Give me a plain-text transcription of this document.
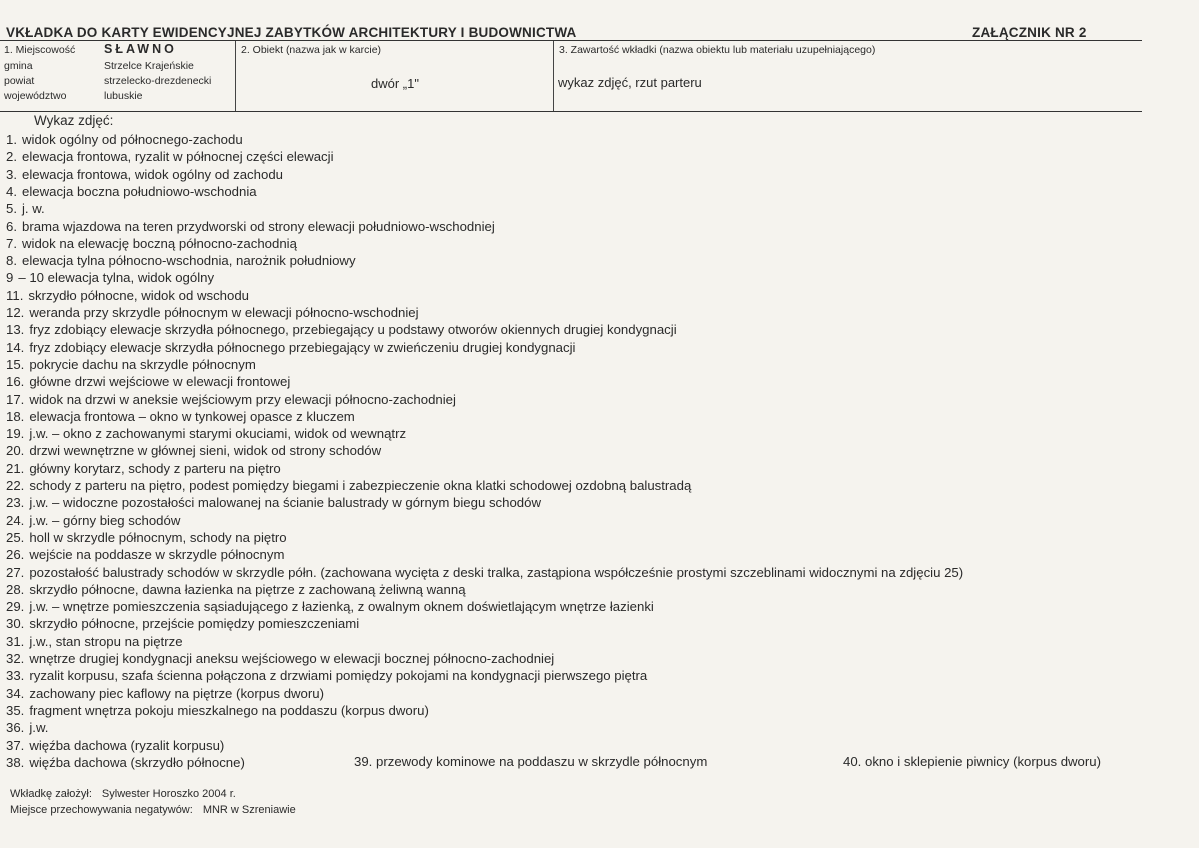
VKŁADKA DO KARTY EWIDENCYJNEJ ZABYTKÓW ARCHITEKTURY I BUDOWNICTWA	ZAŁĄCZNIK NR 2
1. Miejscowość SŁAWNO
gmina	Strzelce Krajeńskie
powiat	strzelecko-drezdenecki
województwo	lubuskie
2. Obiekt (nazwa jak w karcie)
dwór „1"
3. Zawartość wkładki (nazwa obiektu lub materiału uzupełniającego)
wykaz zdjęć, rzut parteru
Wykaz zdjęć:
1. widok ogólny od północnego-zachodu
2. elewacja frontowa, ryzalit w północnej części elewacji
3. elewacja frontowa, widok ogólny od zachodu
4. elewacja boczna południowo-wschodnia
5. j. w.
6. brama wjazdowa na teren przydworski od strony elewacji południowo-wschodniej
7. widok na elewację boczną północno-zachodnią
8. elewacja tylna północno-wschodnia, narożnik południowy
9 – 10 elewacja tylna, widok ogólny
11. skrzydło północne, widok od wschodu
12. weranda przy skrzydle północnym w elewacji północno-wschodniej
13. fryz zdobiący elewacje skrzydła północnego, przebiegający u podstawy otworów okiennych drugiej kondygnacji
14. fryz zdobiący elewacje skrzydła północnego przebiegający w zwieńczeniu drugiej kondygnacji
15. pokrycie dachu na skrzydle północnym
16. główne drzwi wejściowe w elewacji frontowej
17. widok na drzwi w aneksie wejściowym przy elewacji północno-zachodniej
18. elewacja frontowa – okno w tynkowej opasce z kluczem
19. j.w. – okno z zachowanymi starymi okuciami, widok od wewnątrz
20. drzwi wewnętrzne w głównej sieni, widok od strony schodów
21. główny korytarz, schody z parteru na piętro
22. schody z parteru na piętro, podest pomiędzy biegami i zabezpieczenie okna klatki schodowej ozdobną balustradą
23. j.w. – widoczne pozostałości malowanej na ścianie balustrady w górnym biegu schodów
24. j.w. – górny bieg schodów
25. holl w skrzydle północnym, schody na piętro
26. wejście na poddasze w skrzydle północnym
27. pozostałość balustrady schodów w skrzydle półn. (zachowana wycięta z deski tralka, zastąpiona współcześnie prostymi szczeblinami widocznymi na zdjęciu 25)
28. skrzydło północne, dawna łazienka na piętrze z zachowaną żeliwną wanną
29. j.w. – wnętrze pomieszczenia sąsiadującego z łazienką, z owalnym oknem doświetlającym wnętrze łazienki
30. skrzydło północne, przejście pomiędzy pomieszczeniami
31. j.w., stan stropu na piętrze
32. wnętrze drugiej kondygnacji aneksu wejściowego w elewacji bocznej północno-zachodniej
33. ryzalit korpusu, szafa ścienna połączona z drzwiami pomiędzy pokojami na kondygnacji pierwszego piętra
34. zachowany piec kaflowy na piętrze (korpus dworu)
35. fragment wnętrza pokoju mieszkalnego na poddaszu (korpus dworu)
36. j.w.
37. więźba dachowa (ryzalit korpusu)
38. więźba dachowa (skrzydło północne)	39. przewody kominowe na poddaszu w skrzydle północnym	40. okno i sklepienie piwnicy (korpus dworu)
Wkładkę założył: Sylwester Horoszko 2004 r.
Miejsce przechowywania negatywów: MNR w Szreniawie
